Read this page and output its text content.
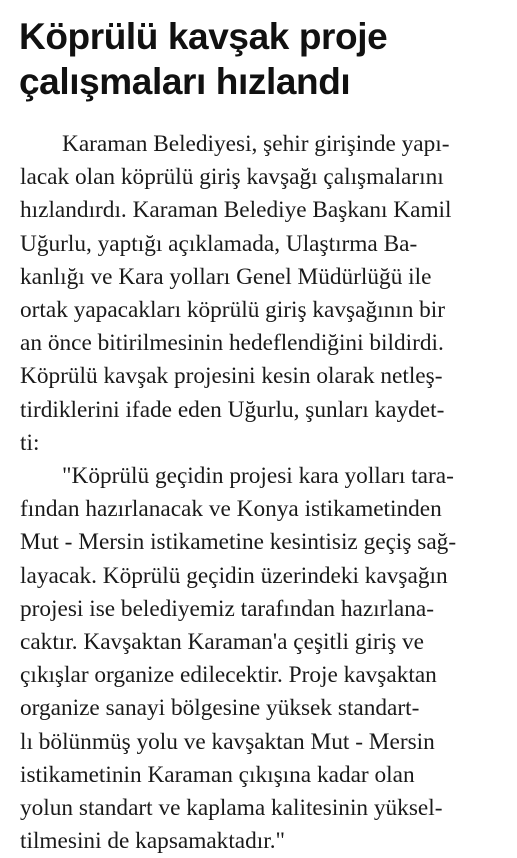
Köprülü kavşak proje
çalışmaları hızlandı
Karaman Belediyesi, şehir girişinde yapı-
lacak olan köprülü giriş kavşağı çalışmalarını
hızlandırdı. Karaman Belediye Başkanı Kamil
Uğurlu, yaptığı açıklamada, Ulaştırma Ba-
kanlığı ve Kara yolları Genel Müdürlüğü ile
ortak yapacakları köprülü giriş kavşağının bir
an önce bitirilmesinin hedeflendiğini bildirdi.
Köprülü kavşak projesini kesin olarak netleş-
tirdiklerini ifade eden Uğurlu, şunları kaydet-
ti:
"Köprülü geçidin projesi kara yolları tara-
fından hazırlanacak ve Konya istikametinden
Mut - Mersin istikametine kesintisiz geçiş sağ-
layacak. Köprülü geçidin üzerindeki kavşağın
projesi ise belediyemiz tarafından hazırlana-
caktır. Kavşaktan Karaman'a çeşitli giriş ve
çıkışlar organize edilecektir. Proje kavşaktan
organize sanayi bölgesine yüksek standart-
lı bölünmüş yolu ve kavşaktan Mut - Mersin
istikametinin Karaman çıkışına kadar olan
yolun standart ve kaplama kalitesinin yüksel-
tilmesini de kapsamaktadır."
